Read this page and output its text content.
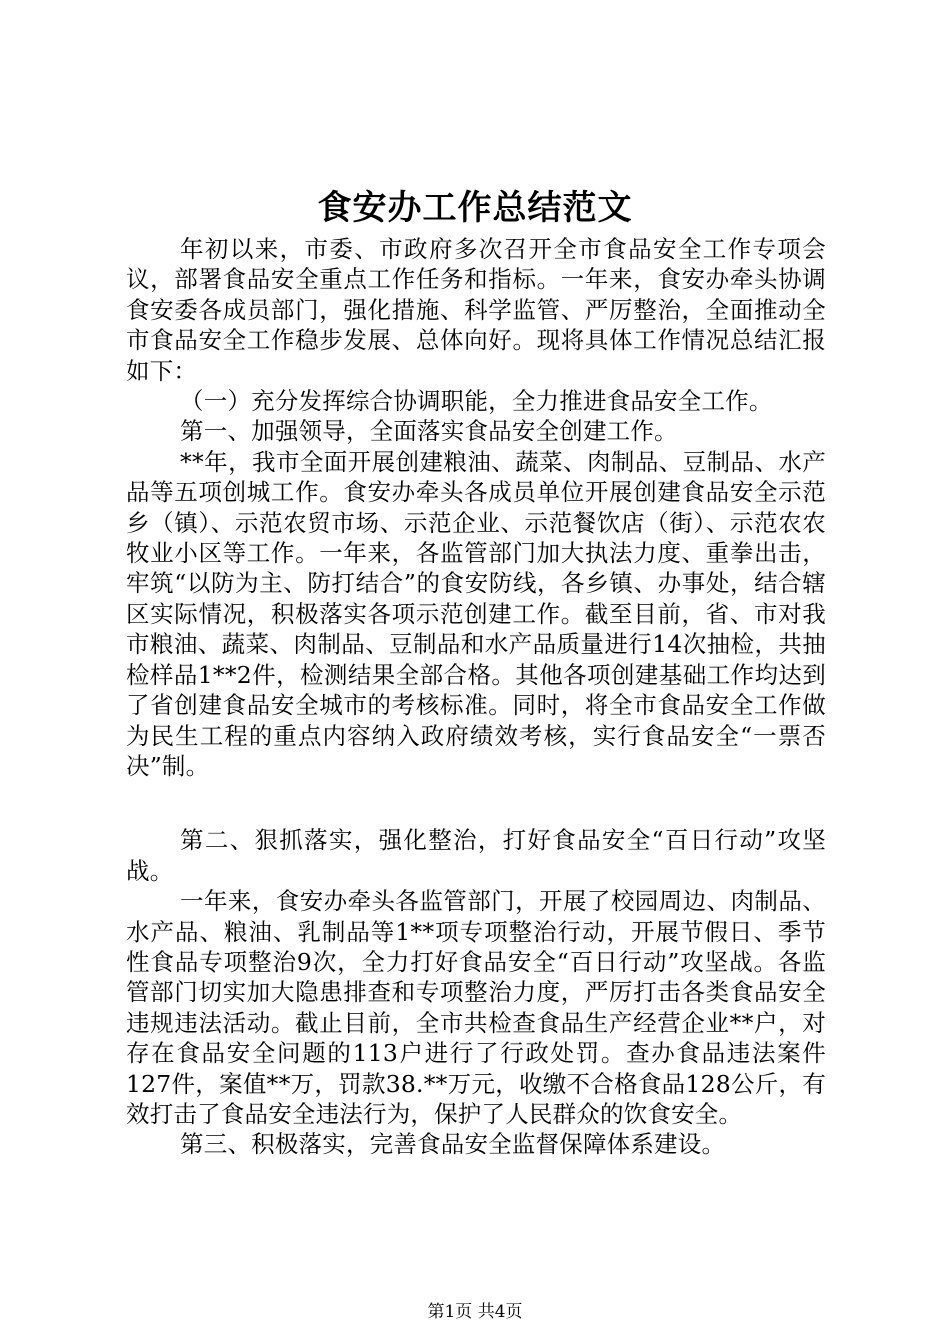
食安办工作总结范文

年初以来，市委、市政府多次召开全市食品安全工作专项会议，部署食品安全重点工作任务和指标。一年来，食安办牵头协调食安委各成员部门，强化措施、科学监管、严厉整治，全面推动全市食品安全工作稳步发展、总体向好。现将具体工作情况总结汇报如下：

（一）充分发挥综合协调职能，全力推进食品安全工作。

第一、加强领导，全面落实食品安全创建工作。

**年，我市全面开展创建粮油、蔬菜、肉制品、豆制品、水产品等五项创城工作。食安办牵头各成员单位开展创建食品安全示范乡（镇）、示范农贸市场、示范企业、示范餐饮店（街）、示范农农牧业小区等工作。一年来，各监管部门加大执法力度、重拳出击，牢筑“以防为主、防打结合”的食安防线，各乡镇、办事处，结合辖区实际情况，积极落实各项示范创建工作。截至目前，省、市对我市粮油、蔬菜、肉制品、豆制品和水产品质量进行14次抽检，共抽检样品1**2件，检测结果全部合格。其他各项创建基础工作均达到了省创建食品安全城市的考核标准。同时，将全市食品安全工作做为民生工程的重点内容纳入政府绩效考核，实行食品安全“一票否决”制。

第二、狠抓落实，强化整治，打好食品安全“百日行动”攻坚战。

一年来，食安办牵头各监管部门，开展了校园周边、肉制品、水产品、粮油、乳制品等1**项专项整治行动，开展节假日、季节性食品专项整治9次，全力打好食品安全“百日行动”攻坚战。各监管部门切实加大隐患排查和专项整治力度，严厉打击各类食品安全违规违法活动。截止目前，全市共检查食品生产经营企业**户，对存在食品安全问题的113户进行了行政处罚。查办食品违法案件127件，案值**万，罚款38.**万元，收缴不合格食品128公斤，有效打击了食品安全违法行为，保护了人民群众的饮食安全。

第三、积极落实，完善食品安全监督保障体系建设。

第1页 共4页
